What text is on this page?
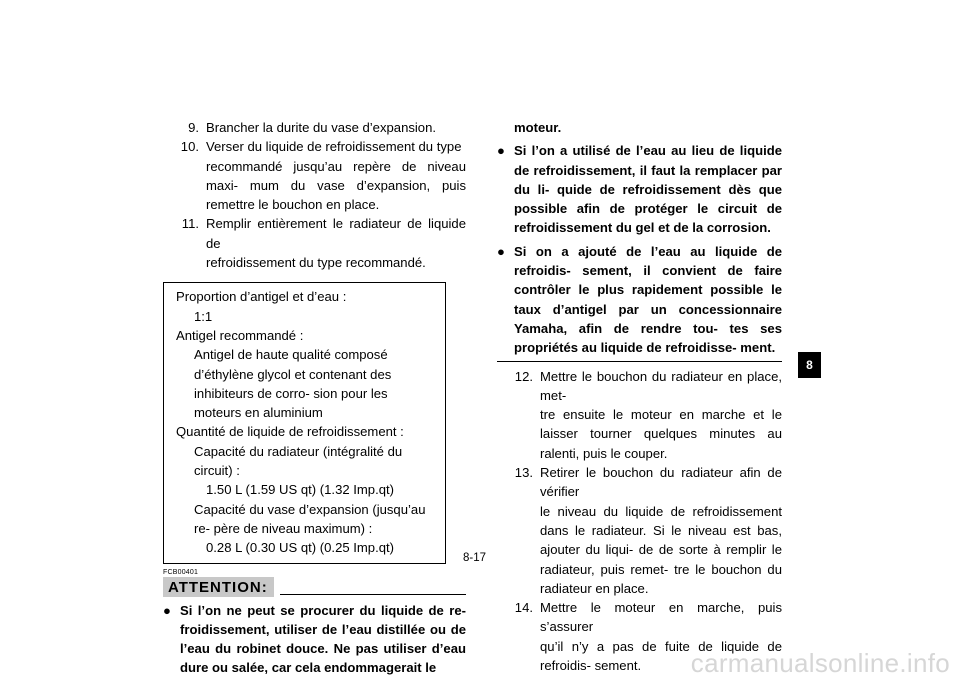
9. Brancher la durite du vase d’expansion.
10. Verser du liquide de refroidissement du type
recommandé jusqu’au repère de niveau maxi- mum du vase d’expansion, puis remettre le bouchon en place.
11. Remplir entièrement le radiateur de liquide de
refroidissement du type recommandé.
Proportion d’antigel et d’eau :
1:1
Antigel recommandé :
Antigel de haute qualité composé d’éthylène glycol et contenant des inhibiteurs de corro- sion pour les moteurs en aluminium
Quantité de liquide de refroidissement :
Capacité du radiateur (intégralité du circuit) :
1.50 L (1.59 US qt) (1.32 Imp.qt)
Capacité du vase d’expansion (jusqu’au re- père de niveau maximum) :
0.28 L (0.30 US qt) (0.25 Imp.qt)
FCB00401
ATTENTION:
● Si l’on ne peut se procurer du liquide de re- froidissement, utiliser de l’eau distillée ou de l’eau du robinet douce. Ne pas utiliser d’eau dure ou salée, car cela endommagerait le
moteur.
● Si l’on a utilisé de l’eau au lieu de liquide de refroidissement, il faut la remplacer par du li- quide de refroidissement dès que possible afin de protéger le circuit de refroidissement du gel et de la corrosion.
● Si on a ajouté de l’eau au liquide de refroidis- sement, il convient de faire contrôler le plus rapidement possible le taux d’antigel par un concessionnaire Yamaha, afin de rendre tou- tes ses propriétés au liquide de refroidisse- ment.
12. Mettre le bouchon du radiateur en place, met-
tre ensuite le moteur en marche et le laisser tourner quelques minutes au ralenti, puis le couper.
13. Retirer le bouchon du radiateur afin de vérifier
le niveau du liquide de refroidissement dans le radiateur. Si le niveau est bas, ajouter du liqui- de de sorte à remplir le radiateur, puis remet- tre le bouchon du radiateur en place.
14. Mettre le moteur en marche, puis s’assurer
qu’il n’y a pas de fuite de liquide de refroidis- sement.
8-17
8
carmanualsonline.info
